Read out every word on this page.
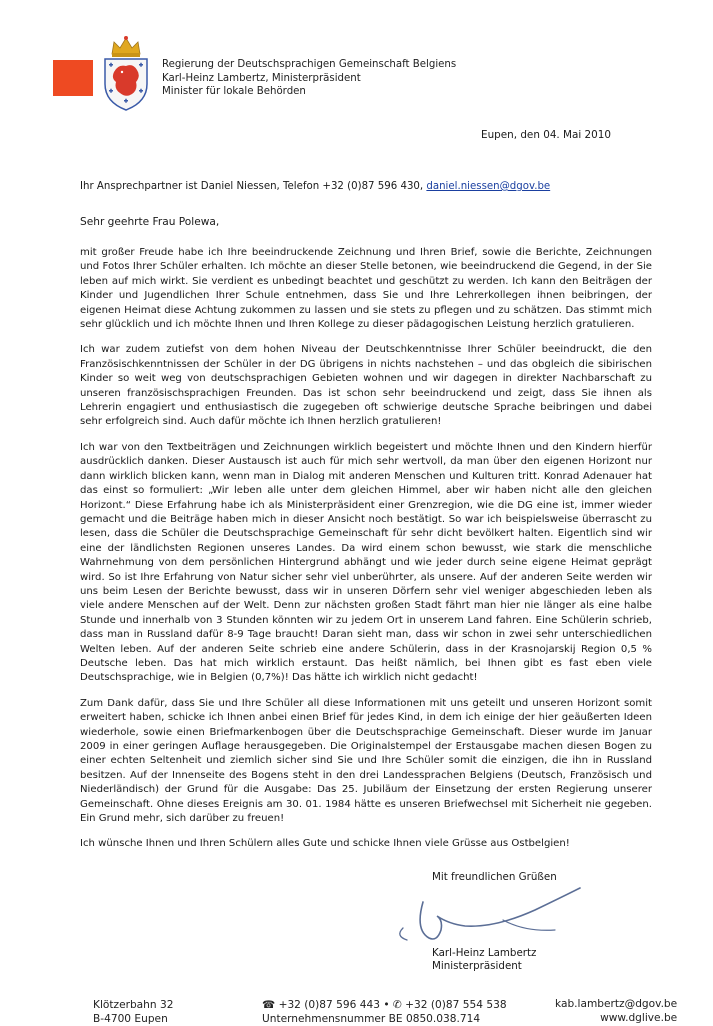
Regierung der Deutschsprachigen Gemeinschaft Belgiens
Karl-Heinz Lambertz, Ministerpräsident
Minister für lokale Behörden
Eupen, den 04. Mai 2010
Ihr Ansprechpartner ist Daniel Niessen, Telefon +32 (0)87 596 430, daniel.niessen@dgov.be
Sehr geehrte Frau Polewa,

mit großer Freude habe ich Ihre beeindruckende Zeichnung und Ihren Brief, sowie die Berichte, Zeichnungen und Fotos Ihrer Schüler erhalten. Ich möchte an dieser Stelle betonen, wie beeindruckend die Gegend, in der Sie leben auf mich wirkt. Sie verdient es unbedingt beachtet und geschützt zu werden. Ich kann den Beiträgen der Kinder und Jugendlichen Ihrer Schule entnehmen, dass Sie und Ihre Lehrerkollegen ihnen beibringen, der eigenen Heimat diese Achtung zukommen zu lassen und sie stets zu pflegen und zu schätzen. Das stimmt mich sehr glücklich und ich möchte Ihnen und Ihren Kollege zu dieser pädagogischen Leistung herzlich gratulieren.

Ich war zudem zutiefst von dem hohen Niveau der Deutschkenntnisse Ihrer Schüler beeindruckt, die den Französischkenntnissen der Schüler in der DG übrigens in nichts nachstehen – und das obgleich die sibirischen Kinder so weit weg von deutschsprachigen Gebieten wohnen und wir dagegen in direkter Nachbarschaft zu unseren französischsprachigen Freunden. Das ist schon sehr beeindruckend und zeigt, dass Sie ihnen als Lehrerin engagiert und enthusiastisch die zugegeben oft schwierige deutsche Sprache beibringen und dabei sehr erfolgreich sind. Auch dafür möchte ich Ihnen herzlich gratulieren!

Ich war von den Textbeiträgen und Zeichnungen wirklich begeistert und möchte Ihnen und den Kindern hierfür ausdrücklich danken. Dieser Austausch ist auch für mich sehr wertvoll, da man über den eigenen Horizont nur dann wirklich blicken kann, wenn man in Dialog mit anderen Menschen und Kulturen tritt. Konrad Adenauer hat das einst so formuliert: „Wir leben alle unter dem gleichen Himmel, aber wir haben nicht alle den gleichen Horizont.“ Diese Erfahrung habe ich als Ministerpräsident einer Grenzregion, wie die DG eine ist, immer wieder gemacht und die Beiträge haben mich in dieser Ansicht noch bestätigt. So war ich beispielsweise überrascht zu lesen, dass die Schüler die Deutschsprachige Gemeinschaft für sehr dicht bevölkert halten. Eigentlich sind wir eine der ländlichsten Regionen unseres Landes. Da wird einem schon bewusst, wie stark die menschliche Wahrnehmung von dem persönlichen Hintergrund abhängt und wie jeder durch seine eigene Heimat geprägt wird. So ist Ihre Erfahrung von Natur sicher sehr viel unberührter, als unsere. Auf der anderen Seite werden wir uns beim Lesen der Berichte bewusst, dass wir in unseren Dörfern sehr viel weniger abgeschieden leben als viele andere Menschen auf der Welt. Denn zur nächsten großen Stadt fährt man hier nie länger als eine halbe Stunde und innerhalb von 3 Stunden könnten wir zu jedem Ort in unserem Land fahren. Eine Schülerin schrieb, dass man in Russland dafür 8-9 Tage braucht! Daran sieht man, dass wir schon in zwei sehr unterschiedlichen Welten leben. Auf der anderen Seite schrieb eine andere Schülerin, dass in der Krasnojarskij Region 0,5 % Deutsche leben. Das hat mich wirklich erstaunt. Das heißt nämlich, bei Ihnen gibt es fast eben viele Deutschsprachige, wie in Belgien (0,7%)! Das hätte ich wirklich nicht gedacht!

Zum Dank dafür, dass Sie und Ihre Schüler all diese Informationen mit uns geteilt und unseren Horizont somit erweitert haben, schicke ich Ihnen anbei einen Brief für jedes Kind, in dem ich einige der hier geäußerten Ideen wiederhole, sowie einen Briefmarkenbogen über die Deutschsprachige Gemeinschaft. Dieser wurde im Januar 2009 in einer geringen Auflage herausgegeben. Die Originalstempel der Erstausgabe machen diesen Bogen zu einer echten Seltenheit und ziemlich sicher sind Sie und Ihre Schüler somit die einzigen, die ihn in Russland besitzen. Auf der Innenseite des Bogens steht in den drei Landessprachen Belgiens (Deutsch, Französisch und Niederländisch) der Grund für die Ausgabe: Das 25. Jubiläum der Einsetzung der ersten Regierung unserer Gemeinschaft. Ohne dieses Ereignis am 30. 01. 1984 hätte es unseren Briefwechsel mit Sicherheit nie gegeben. Ein Grund mehr, sich darüber zu freuen!

Ich wünsche Ihnen und Ihren Schülern alles Gute und schicke Ihnen viele Grüsse aus Ostbelgien!

Mit freundlichen Grüßen
Karl-Heinz Lambertz
Ministerpräsident
Klötzerbahn 32
B-4700 Eupen
☎ +32 (0)87 596 443 • ✆ +32 (0)87 554 538
Unternehmensnummer BE 0850.038.714
kab.lambertz@dgov.be
www.dglive.be
